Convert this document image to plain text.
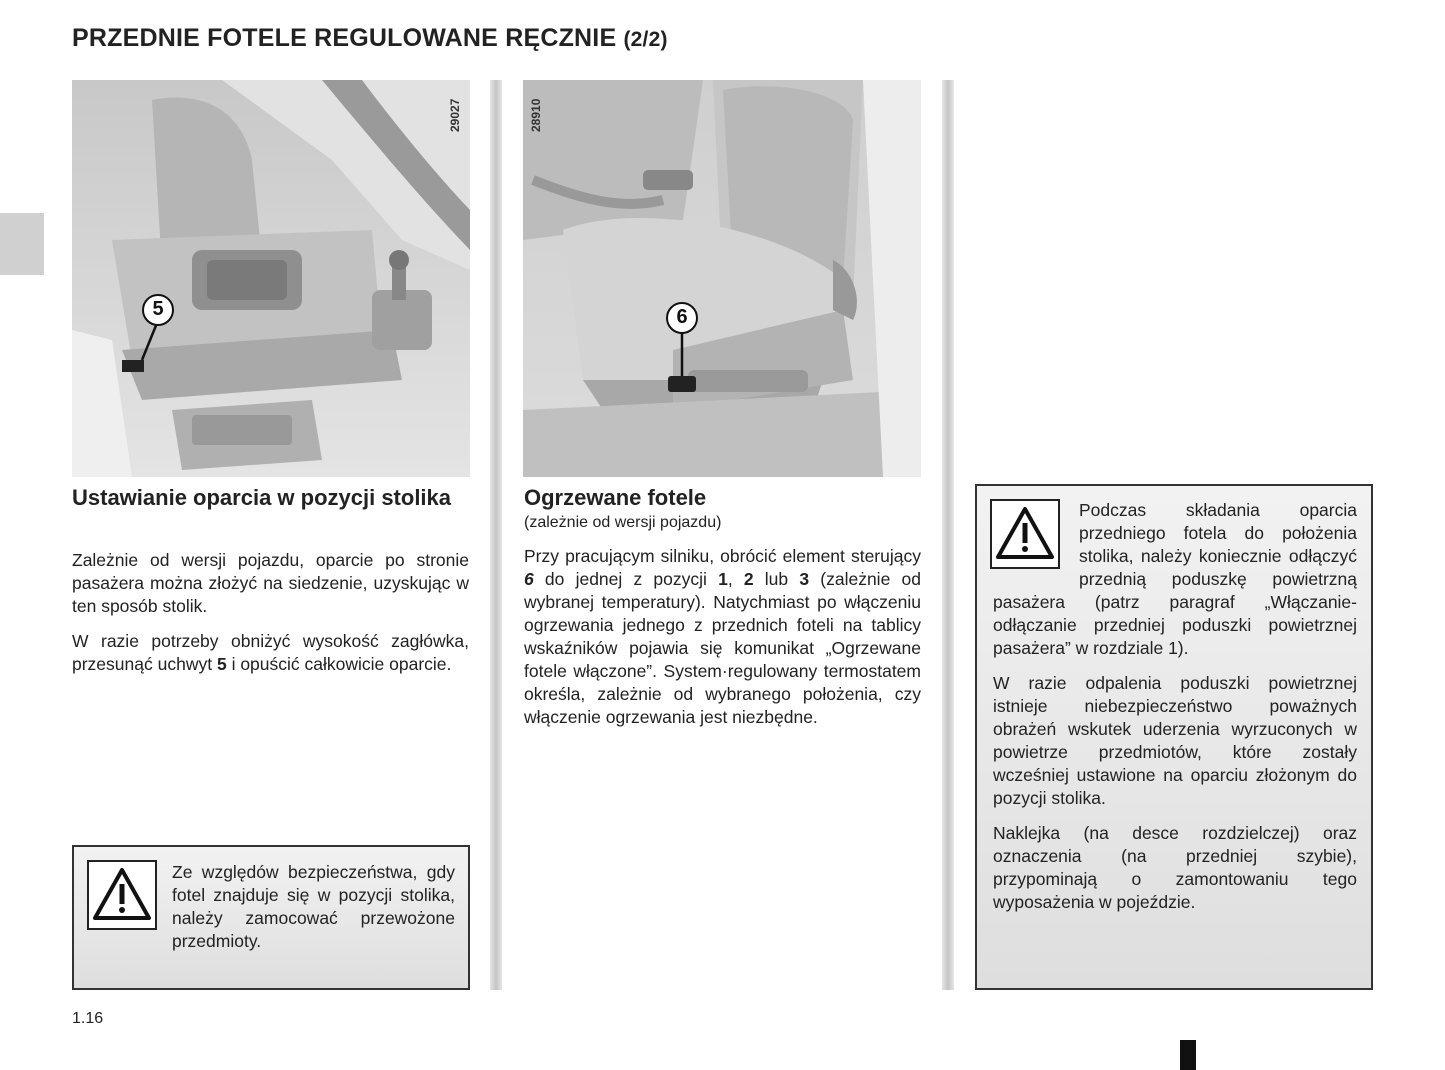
PRZEDNIE FOTELE REGULOWANE RĘCZNIE (2/2)
5
29027
6
28910
Ustawianie oparcia w pozycji stolika

Zależnie od wersji pojazdu, oparcie po stronie pasażera można złożyć na siedzenie, uzyskując w ten sposób stolik.

W razie potrzeby obniżyć wysokość zagłówka, przesunąć uchwyt 5 i opuścić całkowicie oparcie.

Ze względów bezpieczeństwa, gdy fotel znajduje się w pozycji stolika, należy zamocować przewożone przedmioty.

Ogrzewane fotele
(zależnie od wersji pojazdu)

Przy pracującym silniku, obrócić element sterujący 6 do jednej z pozycji 1, 2 lub 3 (zależnie od wybranej temperatury). Natychmiast po włączeniu ogrzewania jednego z przednich foteli na tablicy wskaźników pojawia się komunikat „Ogrzewane fotele włączone”. System·regulowany termostatem określa, zależnie od wybranego położenia, czy włączenie ogrzewania jest niezbędne.

Podczas składania oparcia przedniego fotela do położenia stolika, należy koniecznie odłączyć przednią poduszkę powietrzną pasażera (patrz paragraf „Włączanie-odłączanie przedniej poduszki powietrznej pasażera” w rozdziale 1).

W razie odpalenia poduszki powietrznej istnieje niebezpieczeństwo poważnych obrażeń wskutek uderzenia wyrzuconych w powietrze przedmiotów, które zostały wcześniej ustawione na oparciu złożonym do pozycji stolika.

Naklejka (na desce rozdzielczej) oraz oznaczenia (na przedniej szybie), przypominają o zamontowaniu tego wyposażenia w pojeździe.

1.16
